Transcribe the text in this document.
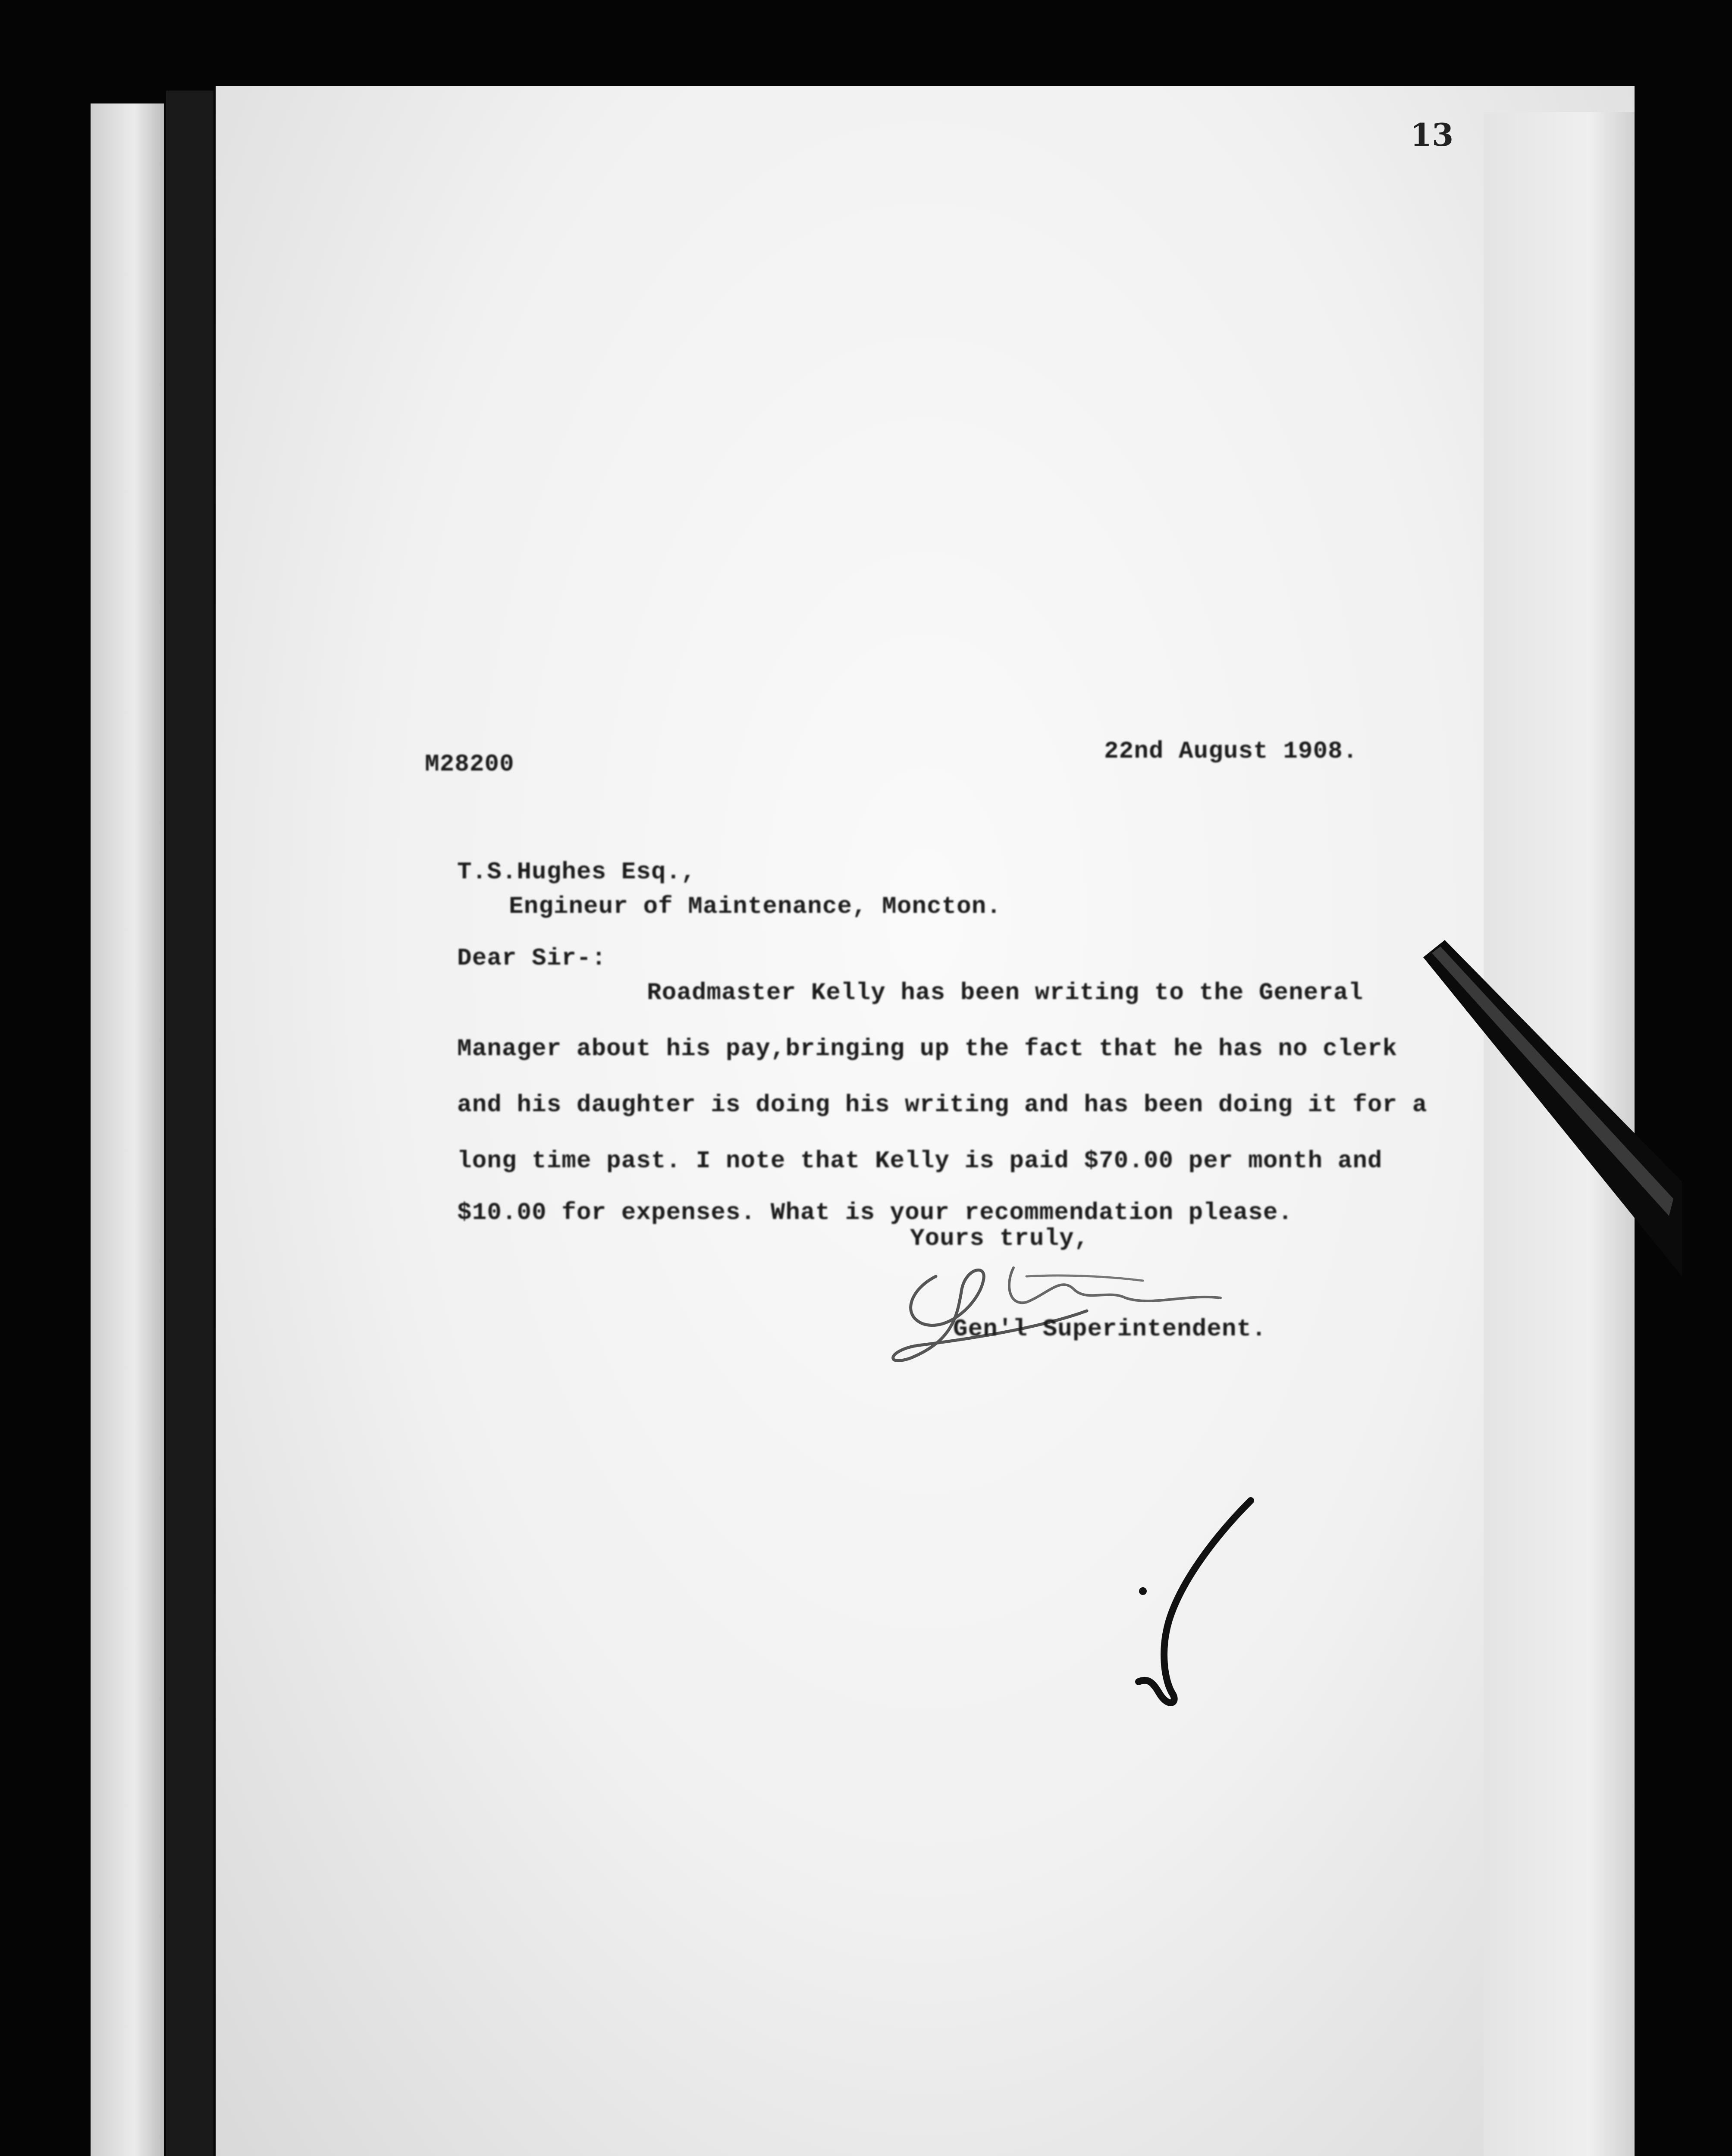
13
M28200	22nd August 1908.
T.S.Hughes Esq.,
Engineur of Maintenance, Moncton.
Dear Sir-:
Roadmaster Kelly has been writing to the General
Manager about his pay,bringing up the fact that he has no clerk
and his daughter is doing his writing and has been doing it for a
long time past. I note that Kelly is paid $70.00 per month and
$10.00 for expenses. What is your recommendation please.
Yours truly,
Gen'l Superintendent.
